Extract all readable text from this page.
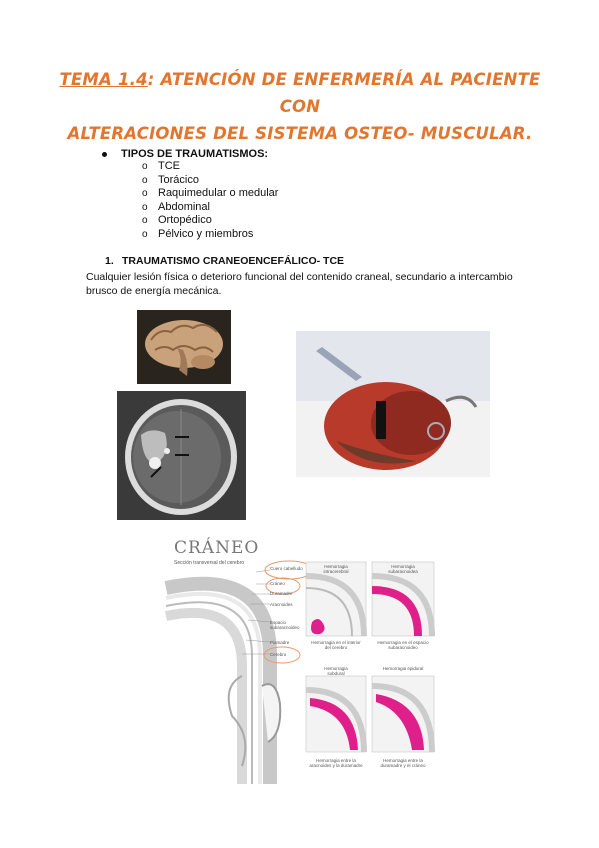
TEMA 1.4: ATENCIÓN DE ENFERMERÍA AL PACIENTE CON
ALTERACIONES DEL SISTEMA OSTEO- MUSCULAR.
TIPOS DE TRAUMATISMOS:
o TCE
o Torácico
o Raquimedular o medular
o Abdominal
o Ortopédico
o Pélvico y miembros
1. TRAUMATISMO CRANEOENCEFÁLICO- TCE
Cualquier lesión física o deterioro funcional del contenido craneal, secundario a intercambio brusco de energía mecánica.
CRÁNEO
Sección transversal del cerebro
Cuero cabelludo
Cráneo
Duramadre
Aracnoides
Espacio subaracnoideo
Piamadre
Cerebro
Hemorragia intracerebral
Hemorragia subaracnoidea
Hemorragia en el interior del cerebro
Hemorragia en el espacio subaracnoideo
Hemorragia subdural
Hemorragia epidural
Hemorragia entre la aracnoides y la duramadre
Hemorragia entre la duramadre y el cráneo
